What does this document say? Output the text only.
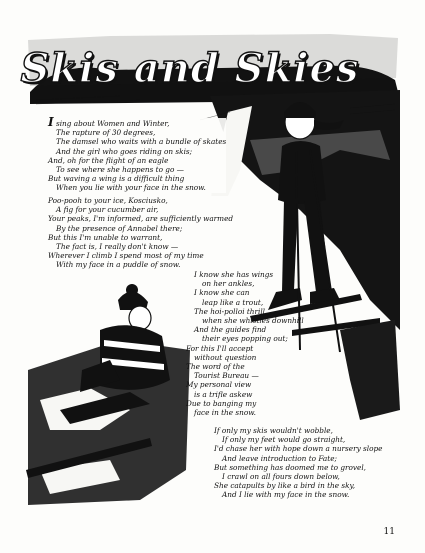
Skis and Skies
I sing about Women and Winter,
The rapture of 30 degrees,
The damsel who waits with a bundle of skates
And the girl who goes riding on skis;
And, oh for the flight of an eagle
To see where she happens to go —
But waving a wing is a difficult thing
When you lie with your face in the snow.
Poo-pooh to your ice, Kosciusko,
A fig for your cucumber air,
Your peaks, I'm informed, are sufficiently warmed
By the presence of Annabel there;
But this I'm unable to warrant,
The fact is, I really don't know —
Wherever I climb I spend most of my time
With my face in a puddle of snow.
I know she has wings
on her ankles,
I know she can
leap like a trout,
The hoi-polloi thrill
when she whistles downhill
And the guides find
their eyes popping out;
For this I'll accept
without question
The word of the
Tourist Bureau —
My personal view
is a trifle askew
Due to banging my
face in the snow.
If only my skis wouldn't wobble,
If only my feet would go straight,
I'd chase her with hope down a nursery slope
And leave introduction to Fate;
But something has doomed me to grovel,
I crawl on all fours down below,
She catapults by like a bird in the sky,
And I lie with my face in the snow.
11
